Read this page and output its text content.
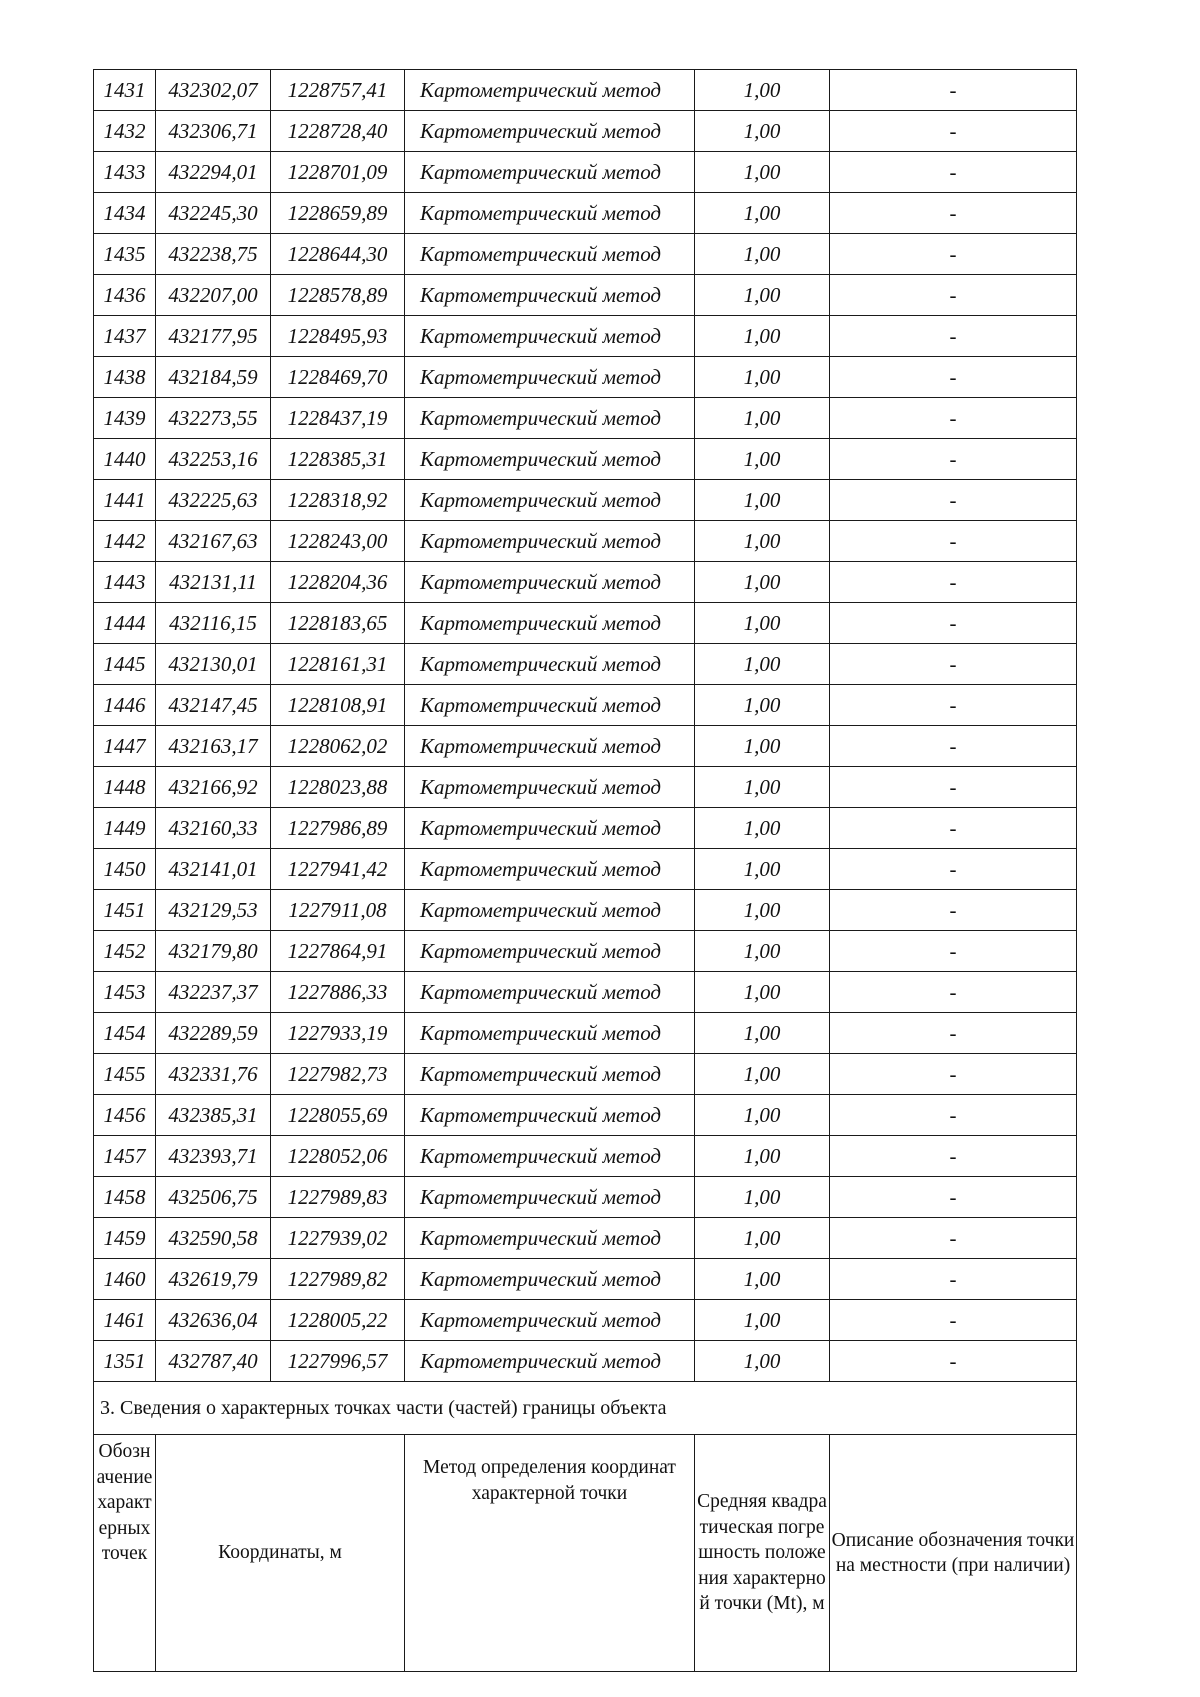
1431	432302,07	1228757,41	Картометрический метод	1,00	-
1432	432306,71	1228728,40	Картометрический метод	1,00	-
1433	432294,01	1228701,09	Картометрический метод	1,00	-
1434	432245,30	1228659,89	Картометрический метод	1,00	-
1435	432238,75	1228644,30	Картометрический метод	1,00	-
1436	432207,00	1228578,89	Картометрический метод	1,00	-
1437	432177,95	1228495,93	Картометрический метод	1,00	-
1438	432184,59	1228469,70	Картометрический метод	1,00	-
1439	432273,55	1228437,19	Картометрический метод	1,00	-
1440	432253,16	1228385,31	Картометрический метод	1,00	-
1441	432225,63	1228318,92	Картометрический метод	1,00	-
1442	432167,63	1228243,00	Картометрический метод	1,00	-
1443	432131,11	1228204,36	Картометрический метод	1,00	-
1444	432116,15	1228183,65	Картометрический метод	1,00	-
1445	432130,01	1228161,31	Картометрический метод	1,00	-
1446	432147,45	1228108,91	Картометрический метод	1,00	-
1447	432163,17	1228062,02	Картометрический метод	1,00	-
1448	432166,92	1228023,88	Картометрический метод	1,00	-
1449	432160,33	1227986,89	Картометрический метод	1,00	-
1450	432141,01	1227941,42	Картометрический метод	1,00	-
1451	432129,53	1227911,08	Картометрический метод	1,00	-
1452	432179,80	1227864,91	Картометрический метод	1,00	-
1453	432237,37	1227886,33	Картометрический метод	1,00	-
1454	432289,59	1227933,19	Картометрический метод	1,00	-
1455	432331,76	1227982,73	Картометрический метод	1,00	-
1456	432385,31	1228055,69	Картометрический метод	1,00	-
1457	432393,71	1228052,06	Картометрический метод	1,00	-
1458	432506,75	1227989,83	Картометрический метод	1,00	-
1459	432590,58	1227939,02	Картометрический метод	1,00	-
1460	432619,79	1227989,82	Картометрический метод	1,00	-
1461	432636,04	1228005,22	Картометрический метод	1,00	-
1351	432787,40	1227996,57	Картометрический метод	1,00	-
3. Сведения о характерных точках части (частей) границы объекта					
Обозначение характерных точек	Координаты, м		Метод определения координат характерной точки	Средняя квадратическая погрешность положения характерной точки (Mt), м	Описание обозначения точки на местности (при наличии)
